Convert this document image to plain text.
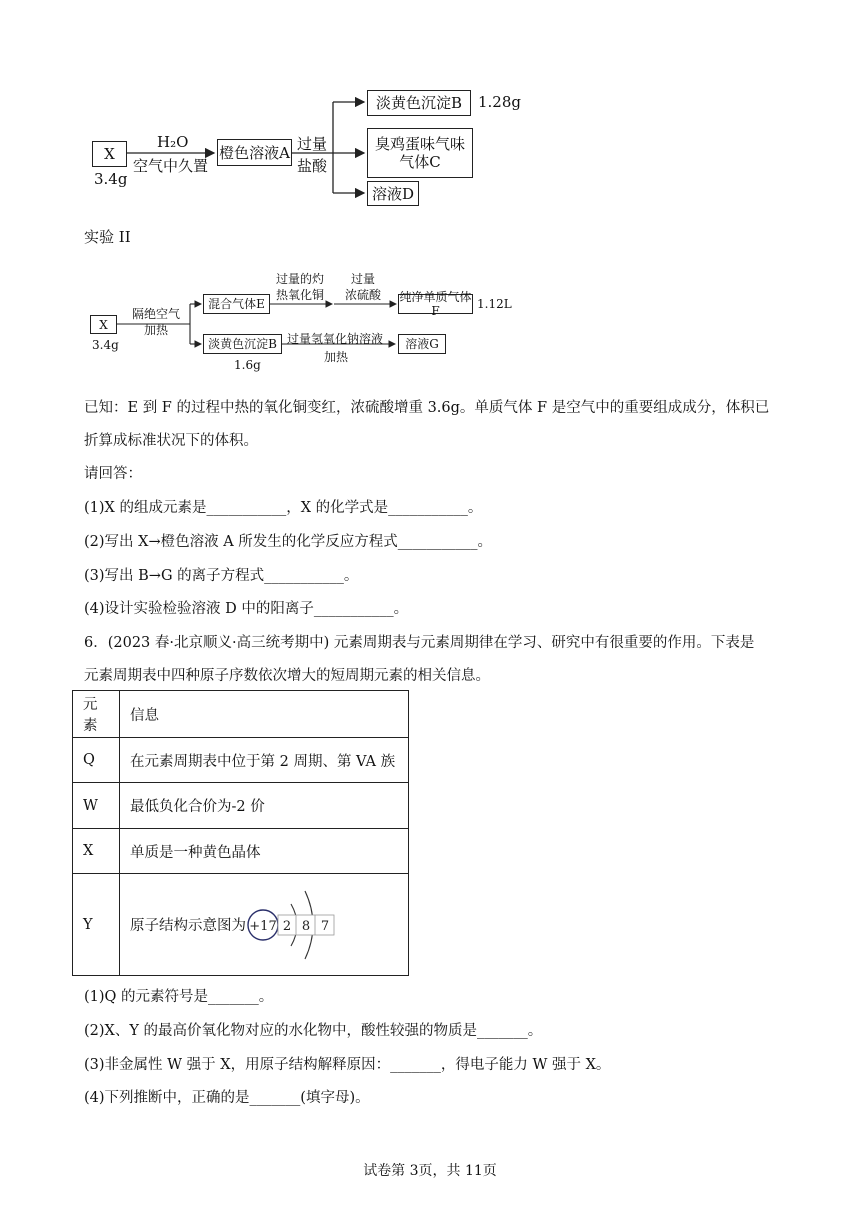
X
3.4g
H₂O
空气中久置
橙色溶液A 过量
盐酸
淡黄色沉淀B	1.28g
臭鸡蛋味气味
气体C
溶液D
实验 II
X
3.4g
隔绝空气
加热
混合气体E
过量的灼
热氧化铜
过量
浓硫酸	纯净单质气体F	1.12L
淡黄色沉淀B
1.6g
过量氢氧化钠溶液
加热
溶液G
已知：E 到 F 的过程中热的氧化铜变红，浓硫酸增重 3.6g。单质气体 F 是空气中的重要组成成分，体积已
折算成标准状况下的体积。
请回答：
(1)X 的组成元素是___________，X 的化学式是___________。
(2)写出 X→橙色溶液 A 所发生的化学反应方程式___________。
(3)写出 B→G 的离子方程式___________。
(4)设计实验检验溶液 D 中的阳离子___________。
6．(2023 春·北京顺义·高三统考期中) 元素周期表与元素周期律在学习、研究中有很重要的作用。下表是
元素周期表中四种原子序数依次增大的短周期元素的相关信息。
元素	信息
Q	在元素周期表中位于第 2 周期、第 VA 族
W	最低负化合价为-2 价
X	单质是一种黄色晶体
Y	原子结构示意图为 +17 2 8 7
(1)Q 的元素符号是_______。
(2)X、Y 的最高价氧化物对应的水化物中，酸性较强的物质是_______。
(3)非金属性 W 强于 X，用原子结构解释原因：_______，得电子能力 W 强于 X。
(4)下列推断中，正确的是_______(填字母)。
试卷第 3页，共 11页
